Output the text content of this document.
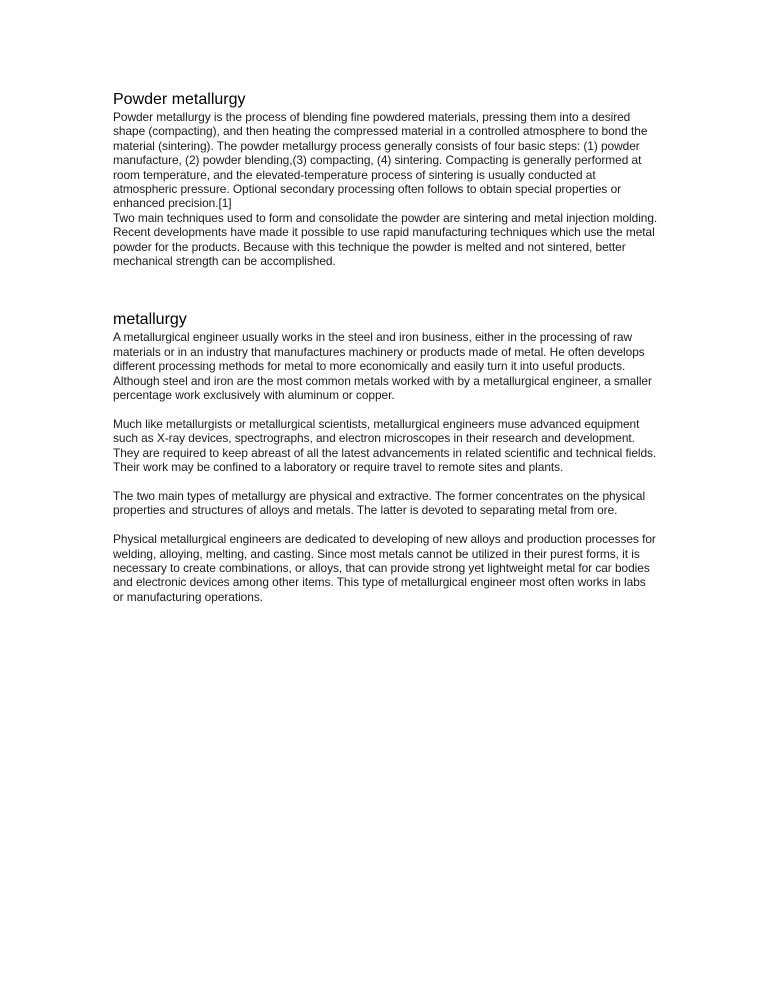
Powder metallurgy

Powder metallurgy is the process of blending fine powdered materials, pressing them into a desired shape (compacting), and then heating the compressed material in a controlled atmosphere to bond the material (sintering). The powder metallurgy process generally consists of four basic steps: (1) powder manufacture, (2) powder blending,(3) compacting, (4) sintering. Compacting is generally performed at room temperature, and the elevated-temperature process of sintering is usually conducted at atmospheric pressure. Optional secondary processing often follows to obtain special properties or enhanced precision.[1]

Two main techniques used to form and consolidate the powder are sintering and metal injection molding. Recent developments have made it possible to use rapid manufacturing techniques which use the metal powder for the products. Because with this technique the powder is melted and not sintered, better mechanical strength can be accomplished.

metallurgy

A metallurgical engineer usually works in the steel and iron business, either in the processing of raw materials or in an industry that manufactures machinery or products made of metal. He often develops different processing methods for metal to more economically and easily turn it into useful products. Although steel and iron are the most common metals worked with by a metallurgical engineer, a smaller percentage work exclusively with aluminum or copper.

Much like metallurgists or metallurgical scientists, metallurgical engineers muse advanced equipment such as X-ray devices, spectrographs, and electron microscopes in their research and development. They are required to keep abreast of all the latest advancements in related scientific and technical fields. Their work may be confined to a laboratory or require travel to remote sites and plants.

The two main types of metallurgy are physical and extractive. The former concentrates on the physical properties and structures of alloys and metals. The latter is devoted to separating metal from ore.

Physical metallurgical engineers are dedicated to developing of new alloys and production processes for welding, alloying, melting, and casting. Since most metals cannot be utilized in their purest forms, it is necessary to create combinations, or alloys, that can provide strong yet lightweight metal for car bodies and electronic devices among other items. This type of metallurgical engineer most often works in labs or manufacturing operations.
